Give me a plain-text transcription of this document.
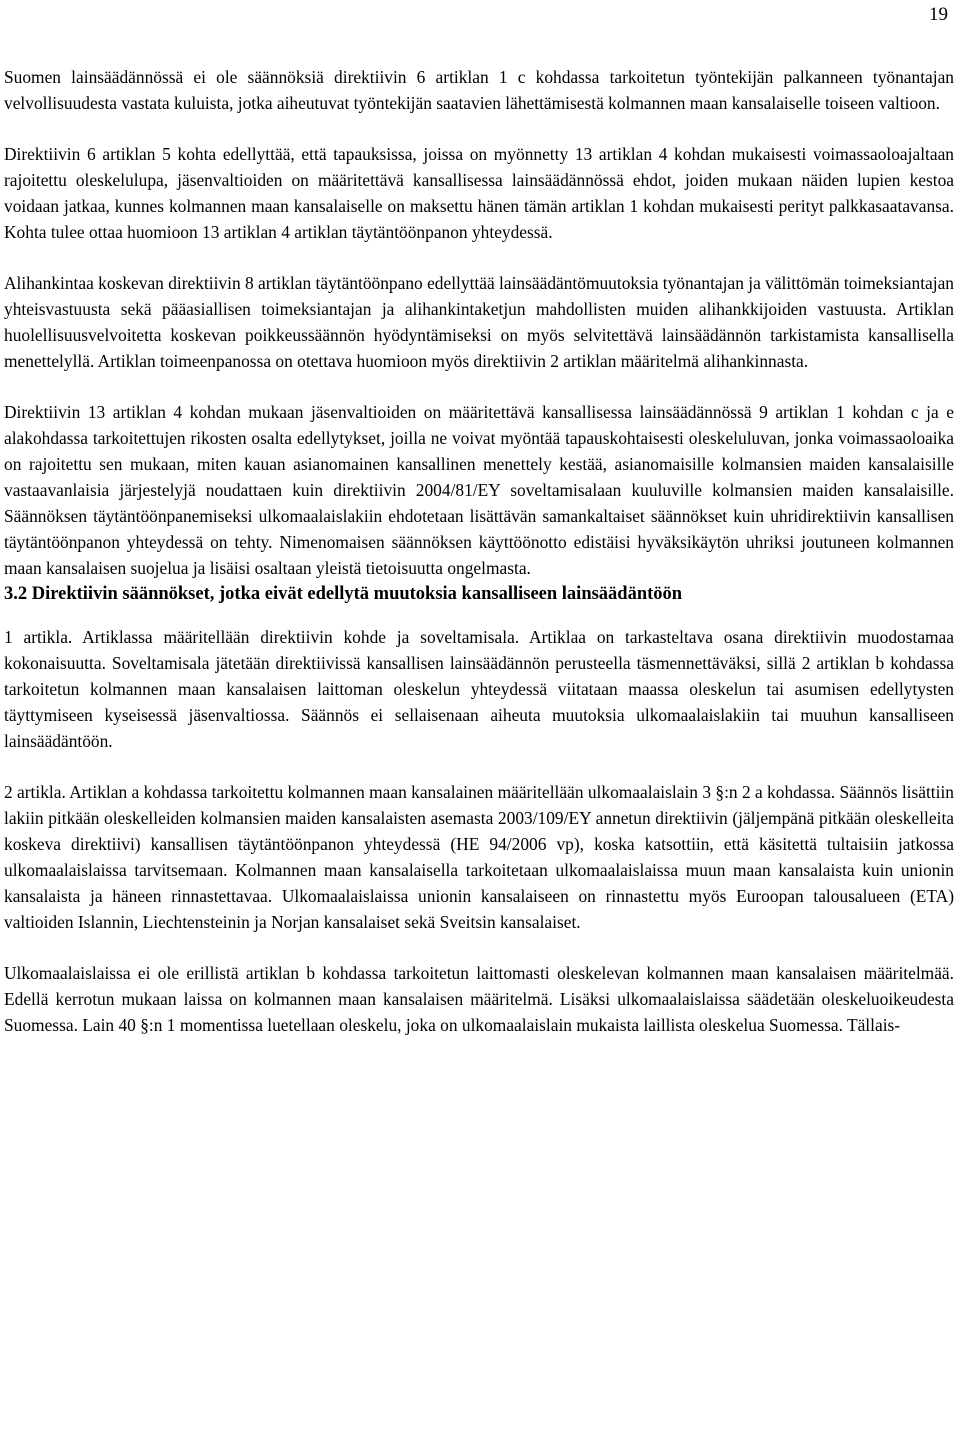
19

Suomen lainsäädännössä ei ole säännöksiä direktiivin 6 artiklan 1 c kohdassa tarkoitetun työntekijän palkanneen työnantajan velvollisuudesta vastata kuluista, jotka aiheutuvat työntekijän saatavien lähettämisestä kolmannen maan kansalaiselle toiseen valtioon.

Direktiivin 6 artiklan 5 kohta edellyttää, että tapauksissa, joissa on myönnetty 13 artiklan 4 kohdan mukaisesti voimassaoloajaltaan rajoitettu oleskelulupa, jäsenvaltioiden on määritettävä kansallisessa lainsäädännössä ehdot, joiden mukaan näiden lupien kestoa voidaan jatkaa, kunnes kolmannen maan kansalaiselle on maksettu hänen tämän artiklan 1 kohdan mukaisesti perityt palkkasaatavansa. Kohta tulee ottaa huomioon 13 artiklan 4 artiklan täytäntöönpanon yhteydessä.

Alihankintaa koskevan direktiivin 8 artiklan täytäntöönpano edellyttää lainsäädäntömuutoksia työnantajan ja välittömän toimeksiantajan yhteisvastuusta sekä pääasiallisen toimeksiantajan ja alihankintaketjun mahdollisten muiden alihankkijoiden vastuusta. Artiklan huolellisuusvelvoitetta koskevan poikkeussäännön hyödyntämiseksi on myös selvitettävä lainsäädännön tarkistamista kansallisella menettelyllä. Artiklan toimeenpanossa on otettava huomioon myös direktiivin 2 artiklan määritelmä alihankinnasta.

Direktiivin 13 artiklan 4 kohdan mukaan jäsenvaltioiden on määritettävä kansallisessa lainsäädännössä 9 artiklan 1 kohdan c ja e alakohdassa tarkoitettujen rikosten osalta edellytykset, joilla ne voivat myöntää tapauskohtaisesti oleskeluluvan, jonka voimassaoloaika on rajoitettu sen mukaan, miten kauan asianomainen kansallinen menettely kestää, asianomaisille kolmansien maiden kansalaisille vastaavanlaisia järjestelyjä noudattaen kuin direktiivin 2004/81/EY soveltamisalaan kuuluville kolmansien maiden kansalaisille. Säännöksen täytäntöönpanemiseksi ulkomaalaislakiin ehdotetaan lisättävän samankaltaiset säännökset kuin uhridirektiivin kansallisen täytäntöönpanon yhteydessä on tehty. Nimenomaisen säännöksen käyttöönotto edistäisi hyväksikäytön uhriksi joutuneen kolmannen maan kansalaisen suojelua ja lisäisi osaltaan yleistä tietoisuutta ongelmasta.

3.2 Direktiivin säännökset, jotka eivät edellytä muutoksia kansalliseen lainsäädäntöön

1 artikla. Artiklassa määritellään direktiivin kohde ja soveltamisala. Artiklaa on tarkasteltava osana direktiivin muodostamaa kokonaisuutta. Soveltamisala jätetään direktiivissä kansallisen lainsäädännön perusteella täsmennettäväksi, sillä 2 artiklan b kohdassa tarkoitetun kolmannen maan kansalaisen laittoman oleskelun yhteydessä viitataan maassa oleskelun tai asumisen edellytysten täyttymiseen kyseisessä jäsenvaltiossa. Säännös ei sellaisenaan aiheuta muutoksia ulkomaalaislakiin tai muuhun kansalliseen lainsäädäntöön.

2 artikla. Artiklan a kohdassa tarkoitettu kolmannen maan kansalainen määritellään ulkomaalaislain 3 §:n 2 a kohdassa. Säännös lisättiin lakiin pitkään oleskelleiden kolmansien maiden kansalaisten asemasta 2003/109/EY annetun direktiivin (jäljempänä pitkään oleskelleita koskeva direktiivi) kansallisen täytäntöönpanon yhteydessä (HE 94/2006 vp), koska katsottiin, että käsitettä tultaisiin jatkossa ulkomaalaislaissa tarvitsemaan. Kolmannen maan kansalaisella tarkoitetaan ulkomaalaislaissa muun maan kansalaista kuin unionin kansalaista ja häneen rinnastettavaa. Ulkomaalaislaissa unionin kansalaiseen on rinnastettu myös Euroopan talousalueen (ETA) valtioiden Islannin, Liechtensteinin ja Norjan kansalaiset sekä Sveitsin kansalaiset.

Ulkomaalaislaissa ei ole erillistä artiklan b kohdassa tarkoitetun laittomasti oleskelevan kolmannen maan kansalaisen määritelmää. Edellä kerrotun mukaan laissa on kolmannen maan kansalaisen määritelmä. Lisäksi ulkomaalaislaissa säädetään oleskeluoikeudesta Suomessa. Lain 40 §:n 1 momentissa luetellaan oleskelu, joka on ulkomaalaislain mukaista laillista oleskelua Suomessa. Tällais-
